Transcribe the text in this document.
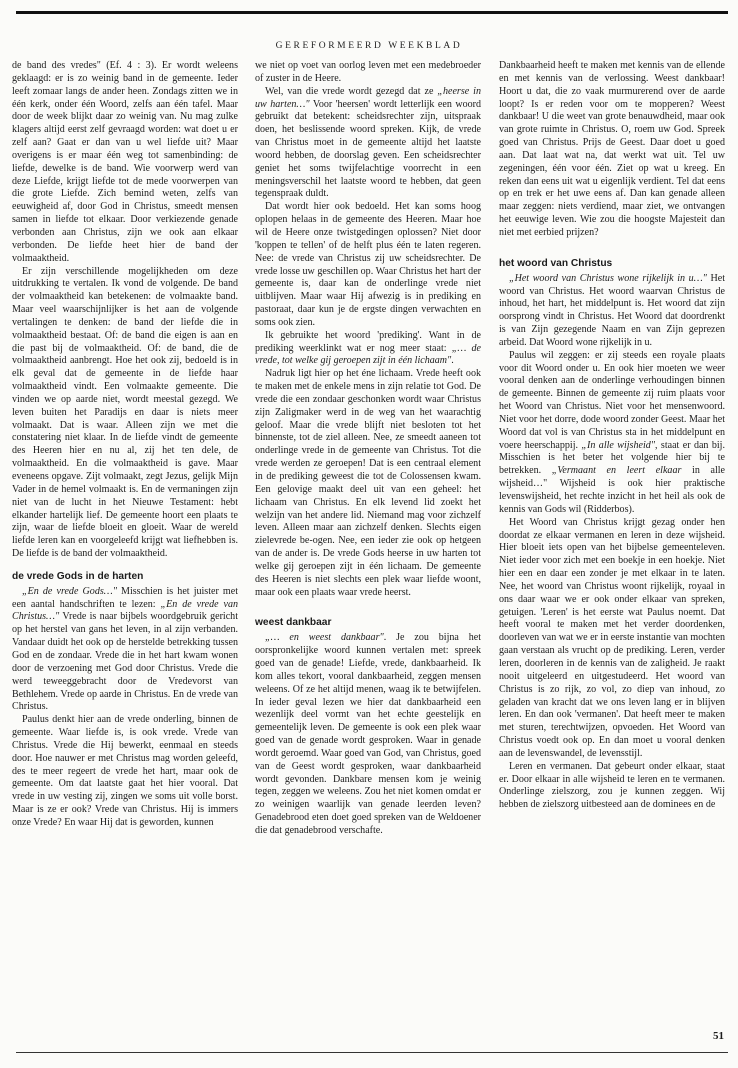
GEREFORMEERD WEEKBLAD

de band des vredes" (Ef. 4 : 3). Er wordt weleens geklaagd: er is zo weinig band in de gemeente. Ieder leeft zomaar langs de ander heen. Zondags zitten we in één kerk, onder één Woord, zelfs aan één tafel. Maar door de week blijkt daar zo weinig van. Nu mag zulke klagers altijd eerst zelf gevraagd worden: wat doet u er zelf aan? Gaat er dan van u wel liefde uit? Maar overigens is er maar één weg tot samenbinding: de liefde, dewelke is de band. Wie voorwerp werd van deze Liefde, krijgt liefde tot de mede voorwerpen van die grote Liefde. Zich bemind weten, zelfs van eeuwigheid af, door God in Christus, smeedt mensen samen in liefde tot elkaar. Door verkiezende genade verbonden aan Christus, zijn we ook aan elkaar verbonden. De liefde heet hier de band der volmaaktheid.

Er zijn verschillende mogelijkheden om deze uitdrukking te vertalen. Ik vond de volgende. De band der volmaaktheid kan betekenen: de volmaakte band. Maar veel waarschijnlijker is het aan de volgende vertalingen te denken: de band der liefde die in volmaaktheid bestaat. Of: de band die eigen is aan en die past bij de volmaaktheid. Of: de band, die de volmaaktheid aanbrengt. Hoe het ook zij, bedoeld is in elk geval dat de gemeente in de liefde haar volmaaktheid vindt. Een volmaakte gemeente. Die vinden we op aarde niet, wordt meestal gezegd. We leven buiten het Paradijs en daar is niets meer volmaakt. Dat is waar. Alleen zijn we met die constatering niet klaar. In de liefde vindt de gemeente des Heeren hier en nu al, zij het ten dele, de volmaaktheid. En die volmaaktheid is gave. Maar eveneens opgave. Zijt volmaakt, zegt Jezus, gelijk Mijn Vader in de hemel volmaakt is. En de vermaningen zijn niet van de lucht in het Nieuwe Testament: hebt elkander hartelijk lief. De gemeente hoort een plaats te zijn, waar de liefde bloeit en gloeit. Waar de wereld liefde leren kan en voorgeleefd krijgt wat liefhebben is. De liefde is de band der volmaaktheid.

de vrede Gods in de harten

„En de vrede Gods…" Misschien is het juister met een aantal handschriften te lezen: „En de vrede van Christus…" Vrede is naar bijbels woordgebruik gericht op het herstel van gans het leven, in al zijn verbanden. Vandaar duidt het ook op de herstelde betrekking tussen God en de zondaar. Vrede die in het hart kwam wonen door de verzoening met God door Christus. Vrede die werd teweeggebracht door de Vredevorst van Bethlehem. Vrede op aarde in Christus. En de vrede van Christus.

Paulus denkt hier aan de vrede onderling, binnen de gemeente. Waar liefde is, is ook vrede. Vrede van Christus. Vrede die Hij bewerkt, eenmaal en steeds door. Hoe nauwer er met Christus mag worden geleefd, des te meer regeert de vrede het hart, maar ook de gemeente. Om dat laatste gaat het hier vooral. Dat vrede in uw vesting zij, zingen we soms uit volle borst. Maar is ze er ook? Vrede van Christus. Hij is immers onze Vrede? En waar Hij dat is geworden, kunnen

we niet op voet van oorlog leven met een medebroeder of zuster in de Heere.

Wel, van die vrede wordt gezegd dat ze „heerse in uw harten…" Voor 'heersen' wordt letterlijk een woord gebruikt dat betekent: scheidsrechter zijn, uitspraak doen, het beslissende woord spreken. Kijk, de vrede van Christus moet in de gemeente altijd het laatste woord hebben, de doorslag geven. Een scheidsrechter geniet het soms twijfelachtige voorrecht in een meningsverschil het laatste woord te hebben, dat geen tegenspraak duldt.

Dat wordt hier ook bedoeld. Het kan soms hoog oplopen helaas in de gemeente des Heeren. Maar hoe wil de Heere onze twistgedingen oplossen? Niet door 'koppen te tellen' of de helft plus één te laten regeren. Nee: de vrede van Christus zij uw scheidsrechter. De vrede losse uw geschillen op. Waar Christus het hart der gemeente is, daar kan de onderlinge vrede niet uitblijven. Maar waar Hij afwezig is in prediking en pastoraat, daar kun je de ergste dingen verwachten en soms ook zien.

Ik gebruikte het woord 'prediking'. Want in de prediking weerklinkt wat er nog meer staat: „… de vrede, tot welke gij geroepen zijt in één lichaam".

Nadruk ligt hier op het éne lichaam. Vrede heeft ook te maken met de enkele mens in zijn relatie tot God. De vrede die een zondaar geschonken wordt waar Christus zijn Zaligmaker werd in de weg van het waarachtig geloof. Maar die vrede blijft niet besloten tot het binnenste, tot de ziel alleen. Nee, ze smeedt aaneen tot onderlinge vrede in de gemeente van Christus. Tot die vrede werden ze geroepen! Dat is een centraal element in de prediking geweest die tot de Colossensen kwam. Een gelovige maakt deel uit van een geheel: het lichaam van Christus. En elk levend lid zoekt het welzijn van het andere lid. Niemand mag voor zichzelf leven. Alleen maar aan zichzelf denken. Slechts eigen zielevrede be-ogen. Nee, een ieder zie ook op hetgeen van de ander is. De vrede Gods heerse in uw harten tot welke gij geroepen zijt in één lichaam. De gemeente des Heeren is niet slechts een plek waar liefde woont, maar ook een plaats waar vrede heerst.

weest dankbaar

„… en weest dankbaar". Je zou bijna het oorspronkelijke woord kunnen vertalen met: spreek goed van de genade! Liefde, vrede, dankbaarheid. Ik kom alles tekort, vooral dankbaarheid, zeggen mensen weleens. Of ze het altijd menen, waag ik te betwijfelen. In ieder geval lezen we hier dat dankbaarheid een wezenlijk deel vormt van het echte geestelijk en gemeentelijk leven. De gemeente is ook een plek waar goed van de genade wordt gesproken. Waar in genade wordt geroemd. Waar goed van God, van Christus, goed van de Geest wordt gesproken, waar dankbaarheid wordt gevonden. Dankbare mensen kom je weinig tegen, zeggen we weleens. Zou het niet komen omdat er zo weinigen waarlijk van genade leerden leven? Genadebrood eten doet goed spreken van de Weldoener die dat genadebrood verschafte.

Dankbaarheid heeft te maken met kennis van de ellende en met kennis van de verlossing. Weest dankbaar! Hoort u dat, die zo vaak murmurerend over de aarde loopt? Is er reden voor om te mopperen? Weest dankbaar! U die weet van grote benauwdheid, maar ook van grote ruimte in Christus. O, roem uw God. Spreek goed van Christus. Prijs de Geest. Daar doet u goed aan. Dat laat wat na, dat werkt wat uit. Tel uw zegeningen, één voor één. Ziet op wat u kreeg. En reken dan eens uit wat u eigenlijk verdient. Tel dat eens op en trek er het uwe eens af. Dan kan genade alleen maar zeggen: niets verdiend, maar ziet, we ontvangen het eeuwige leven. Wie zou die hoogste Majesteit dan niet met eerbied prijzen?

het woord van Christus

„Het woord van Christus wone rijkelijk in u…" Het woord van Christus. Het woord waarvan Christus de inhoud, het hart, het middelpunt is. Het woord dat zijn oorsprong vindt in Christus. Het Woord dat doordrenkt is van Zijn gezegende Naam en van Zijn geprezen arbeid. Dat Woord wone rijkelijk in u.

Paulus wil zeggen: er zij steeds een royale plaats voor dit Woord onder u. En ook hier moeten we weer vooral denken aan de onderlinge verhoudingen binnen de gemeente. Binnen de gemeente zij ruim plaats voor het Woord van Christus. Niet voor het mensenwoord. Niet voor het dorre, dode woord zonder Geest. Maar het Woord dat vol is van Christus sta in het middelpunt en voere heerschappij. „In alle wijsheid", staat er dan bij. Misschien is het beter het volgende hier bij te betrekken. „Vermaant en leert elkaar in alle wijsheid…" Wijsheid is ook hier praktische levenswijsheid, het rechte inzicht in het heil als ook de kennis van Gods wil (Ridderbos).

Het Woord van Christus krijgt gezag onder hen doordat ze elkaar vermanen en leren in deze wijsheid. Hier bloeit iets open van het bijbelse gemeenteleven. Niet ieder voor zich met een boekje in een hoekje. Niet hier een en daar een zonder je met elkaar in te laten. Nee, het woord van Christus woont rijkelijk, royaal in ons daar waar we er ook onder elkaar van spreken, getuigen. 'Leren' is het eerste wat Paulus noemt. Dat heeft vooral te maken met het verder doordenken, doorleven van wat we er in eerste instantie van mochten gaan verstaan als vrucht op de prediking. Leren, verder leren, doorleren in de kennis van de zaligheid. Je raakt nooit uitgeleerd en uitgestudeerd. Het woord van Christus is zo rijk, zo vol, zo diep van inhoud, zo geladen van kracht dat we ons leven lang er in blijven leren. En dan ook 'vermanen'. Dat heeft meer te maken met sturen, terechtwijzen, opvoeden. Het Woord van Christus voedt ook op. En dan moet u vooral denken aan de levenswandel, de levensstijl.

Leren en vermanen. Dat gebeurt onder elkaar, staat er. Door elkaar in alle wijsheid te leren en te vermanen. Onderlinge zielszorg, zou je kunnen zeggen. Wij hebben de zielszorg uitbesteed aan de dominees en de

51
